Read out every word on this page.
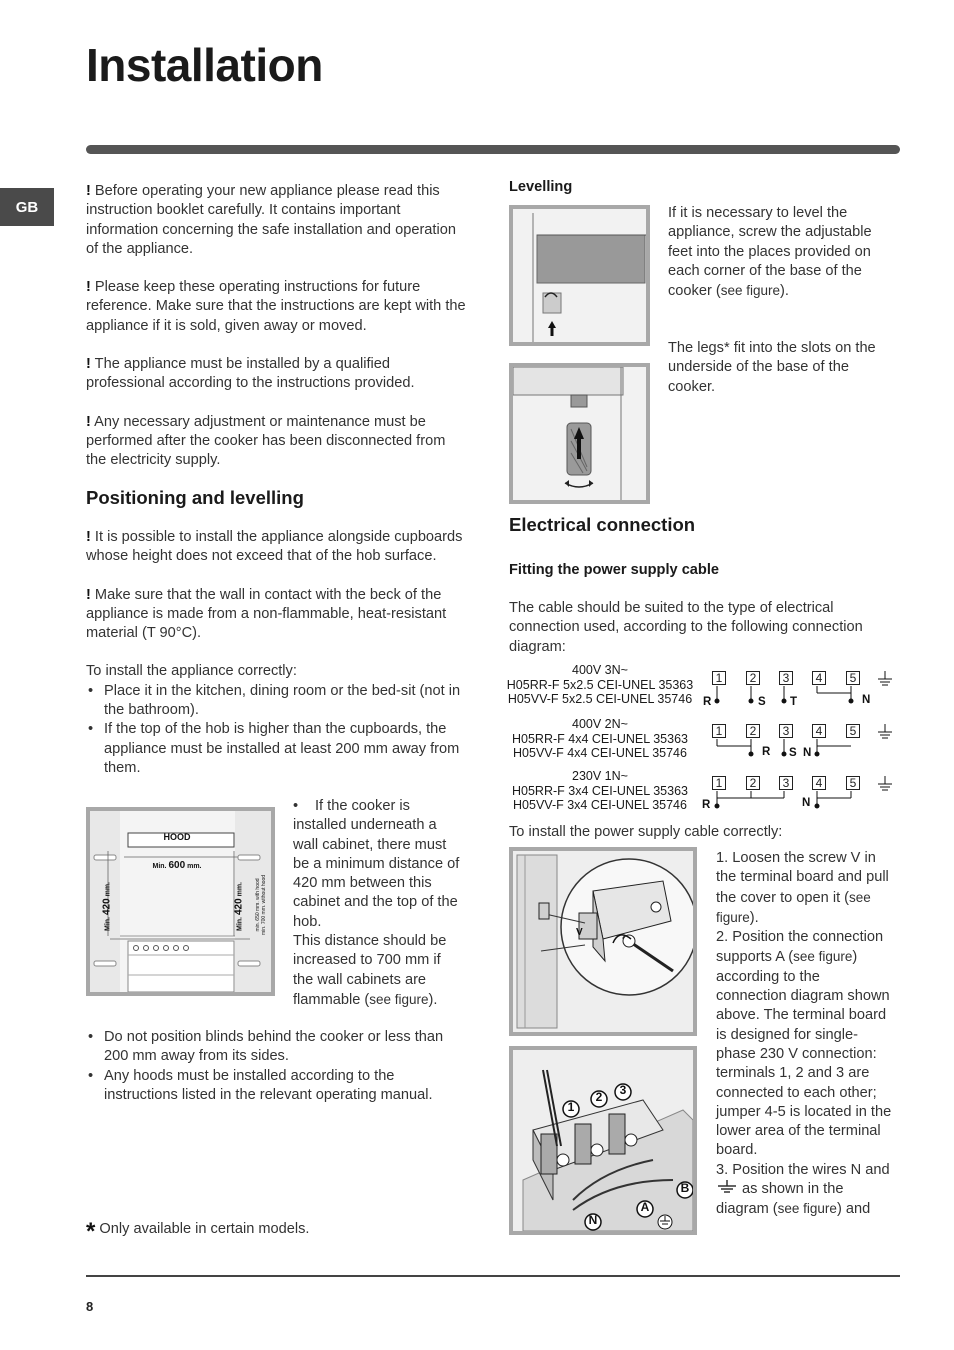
Installation
GB

! Before operating your new appliance please read this instruction booklet carefully. It contains important information concerning the safe installation and operation of the appliance.

! Please keep these operating instructions for future reference. Make sure that the instructions are kept with the appliance if it is sold, given away or moved.

! The appliance must be installed by a qualified professional according to the instructions provided.

! Any necessary adjustment or maintenance must be performed after the cooker has been disconnected from the electricity supply.

Positioning and levelling

! It is possible to install the appliance alongside cupboards whose height does not exceed that of the hob surface.

! Make sure that the wall in contact with the beck of the appliance is made from a non-flammable, heat-resistant material (T 90°C).

To install the appliance correctly:

• Place it in the kitchen, dining room or the bed-sit (not in the bathroom).
• If the top of the hob is higher than the cupboards, the appliance must be installed at least 200 mm away from them.
HOOD
Min. 600 mm.
Min. 420 mm.
Min. 420 mm. min. 650 mm. with hood
min. 700 mm. without hood

• If the cooker is installed underneath a wall cabinet, there must be a minimum distance of 420 mm between this cabinet and the top of the hob.

This distance should be increased to 700 mm if the wall cabinets are flammable (see figure).

• Do not position blinds behind the cooker or less than 200 mm away from its sides.
• Any hoods must be installed according to the instructions listed in the relevant operating manual.
* Only available in certain models.
Levelling
If it is necessary to level the appliance, screw the adjustable feet into the places provided on each corner of the base of the cooker (see figure).
The legs* fit into the slots on the underside of the base of the cooker.
Electrical connection
Fitting the power supply cable
The cable should be suited to the type of electrical connection used, according to the following connection diagram:
400V 3N~
H05RR-F 5x2.5 CEI-UNEL 35363
H05VV-F 5x2.5 CEI-UNEL 35746
1	2	3	4	5
R	S T	N
400V 2N~
H05RR-F 4x4 CEI-UNEL 35363
H05VV-F 4x4 CEI-UNEL 35746
1	2	3	4	5
R S N
230V 1N~
H05RR-F 3x4 CEI-UNEL 35363
H05VV-F 3x4 CEI-UNEL 35746
1	2	3	4	5
R	N
To install the power supply cable correctly:
V
1
2 3
B
A
N
1. Loosen the screw V in the terminal board and pull the cover to open it (see figure).
2. Position the connection supports A (see figure) according to the connection diagram shown above. The terminal board is designed for single-phase 230 V connection: terminals 1, 2 and 3 are connected to each other; jumper 4-5 is located in the lower area of the terminal board.
3. Position the wires N and  as shown in the diagram (see figure) and
8
